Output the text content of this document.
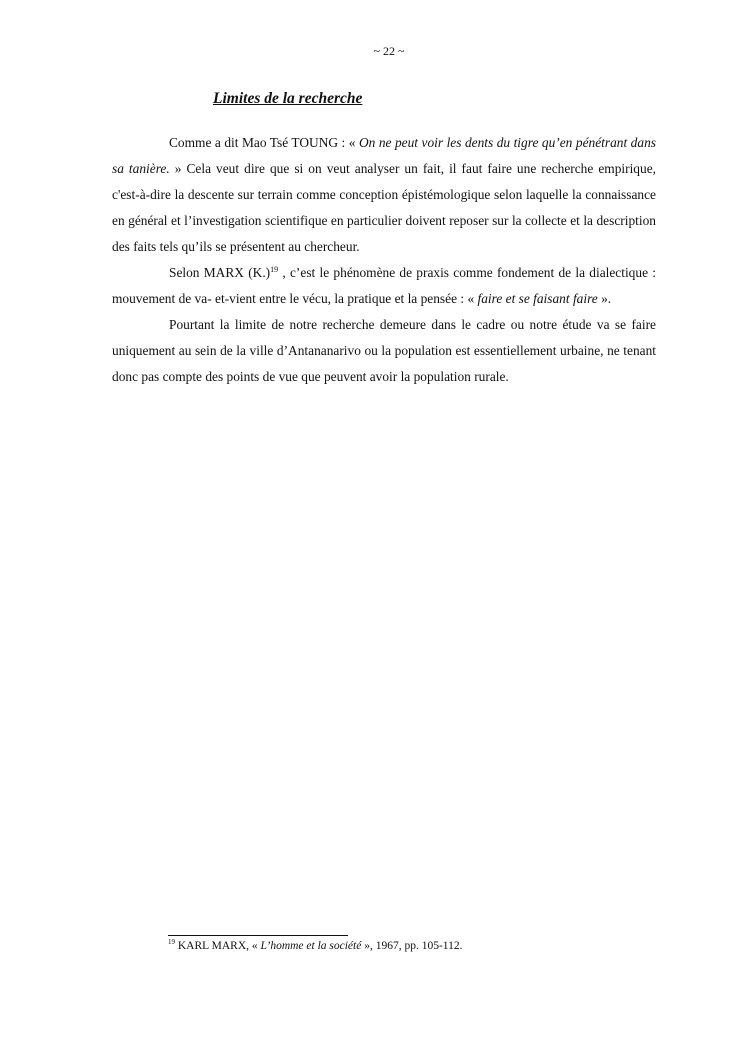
~ 22 ~
Limites de la recherche

Comme a dit Mao Tsé TOUNG : « On ne peut voir les dents du tigre qu’en pénétrant dans sa tanière. » Cela veut dire que si on veut analyser un fait, il faut faire une recherche empirique, c'est-à-dire la descente sur terrain comme conception épistémologique selon laquelle la connaissance en général et l’investigation scientifique en particulier doivent reposer sur la collecte et la description des faits tels qu’ils se présentent au chercheur.

Selon MARX $(K.)^{19}$ , c’est le phénomène de praxis comme fondement de la dialectique : mouvement de va- et-vient entre le vécu, la pratique et la pensée : « faire et se faisant faire ».

Pourtant la limite de notre recherche demeure dans le cadre ou notre étude va se faire uniquement au sein de la ville d’Antananarivo ou la population est essentiellement urbaine, ne tenant donc pas compte des points de vue que peuvent avoir la population rurale.

$^{19}$ KARL MARX, « L’homme et la société », 1967, pp. 105-112.
